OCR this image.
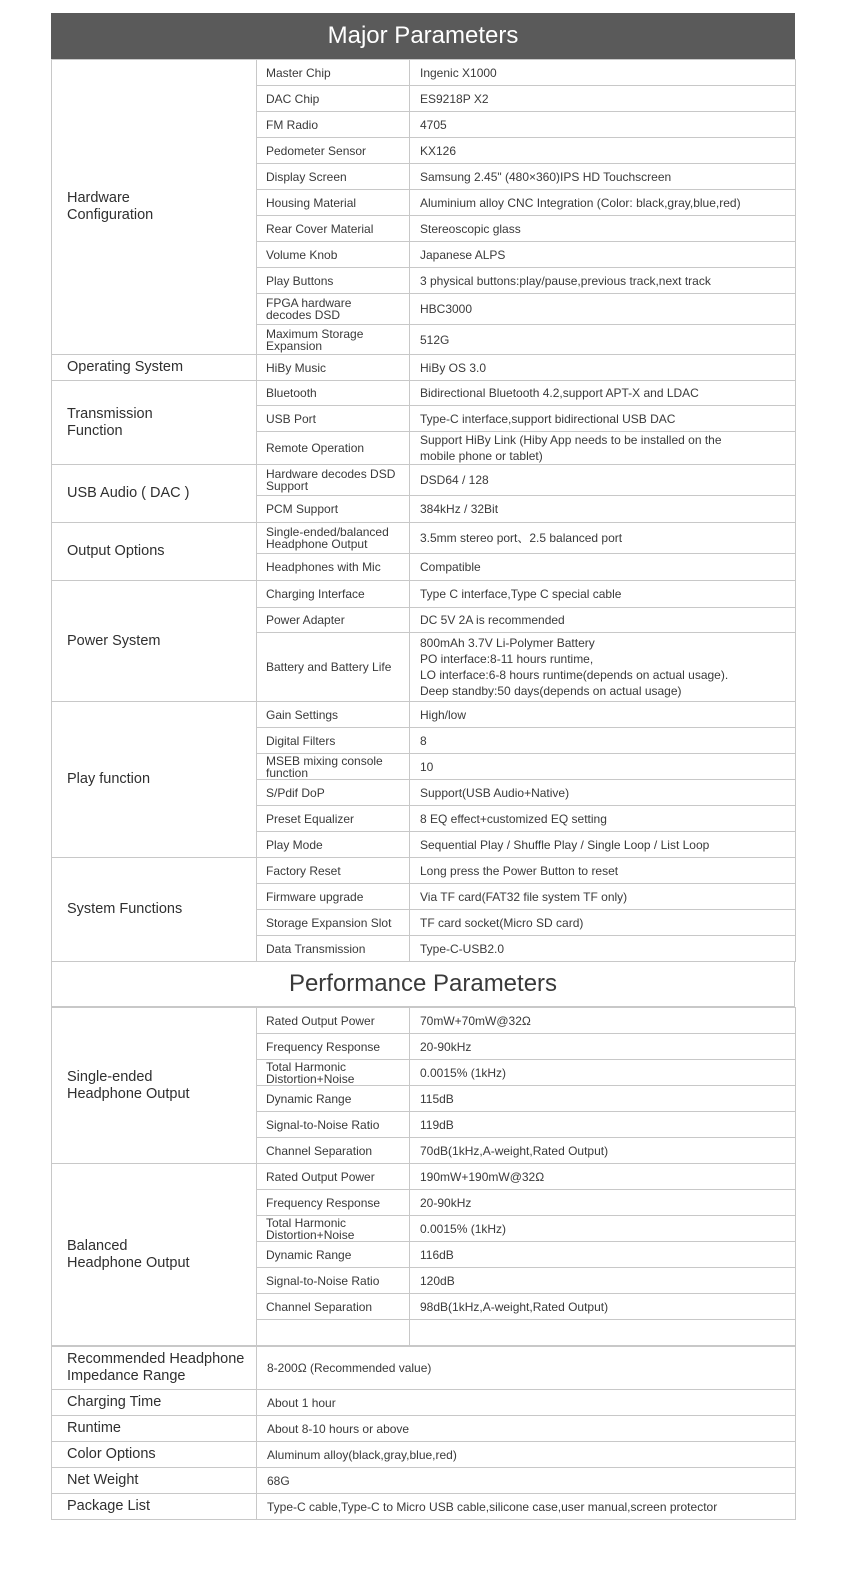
Major Parameters
Hardware
Configuration	Master Chip	Ingenic X1000

	DAC Chip	ES9218P X2

	FM Radio	4705

	Pedometer Sensor	KX126

	Display Screen	Samsung 2.45" (480×360)IPS HD Touchscreen

	Housing Material	Aluminium alloy CNC Integration (Color: black,gray,blue,red)

	Rear Cover Material	Stereoscopic glass

	Volume Knob	Japanese ALPS

	Play Buttons	3 physical buttons:play/pause,previous track,next track

	FPGA hardware
decodes DSD	HBC3000

	Maximum Storage
Expansion	512G

Operating System	HiBy Music	HiBy OS 3.0

Transmission
Function	Bluetooth	Bidirectional Bluetooth 4.2,support APT-X and LDAC

	USB Port	Type-C interface,support bidirectional USB DAC

	Remote Operation	Support HiBy Link (Hiby App needs to be installed on the
mobile phone or tablet)

USB Audio ( DAC )	Hardware decodes DSD
Support	DSD64 / 128

	PCM Support	384kHz / 32Bit

Output Options	Single-ended/balanced
Headphone Output	3.5mm stereo port、2.5 balanced port

	Headphones with Mic	Compatible

Power System	Charging Interface	Type C interface,Type C special cable

	Power Adapter	DC 5V 2A is recommended

	Battery and Battery Life	800mAh 3.7V Li-Polymer Battery
PO interface:8-11 hours runtime,
LO interface:6-8 hours runtime(depends on actual usage).
Deep standby:50 days(depends on actual usage)

Play function	Gain Settings	High/low

	Digital Filters	8

	MSEB mixing console
function	10

	S/Pdif DoP	Support(USB Audio+Native)

	Preset Equalizer	8 EQ effect+customized EQ setting

	Play Mode	Sequential Play / Shuffle Play / Single Loop / List Loop

System Functions	Factory Reset	Long press the Power Button to reset

	Firmware upgrade	Via TF card(FAT32 file system TF only)

	Storage Expansion Slot	TF card socket(Micro SD card)

	Data Transmission	Type-C-USB2.0
Performance Parameters
Single-ended
Headphone Output	Rated Output Power	70mW+70mW@32Ω

	Frequency Response	20-90kHz

	Total Harmonic
Distortion+Noise	0.0015% (1kHz)

	Dynamic Range	115dB

	Signal-to-Noise Ratio	119dB

	Channel Separation	70dB(1kHz,A-weight,Rated Output)

Balanced
Headphone Output	Rated Output Power	190mW+190mW@32Ω

	Frequency Response	20-90kHz

	Total Harmonic
Distortion+Noise	0.0015% (1kHz)

	Dynamic Range	116dB

	Signal-to-Noise Ratio	120dB

	Channel Separation	98dB(1kHz,A-weight,Rated Output)

Recommended Headphone
Impedance Range	8-200Ω (Recommended value)

Charging Time	About 1 hour

Runtime	About 8-10 hours or above

Color Options	Aluminum alloy(black,gray,blue,red)

Net Weight	68G

Package List	Type-C cable,Type-C to Micro USB cable,silicone case,user manual,screen protector
